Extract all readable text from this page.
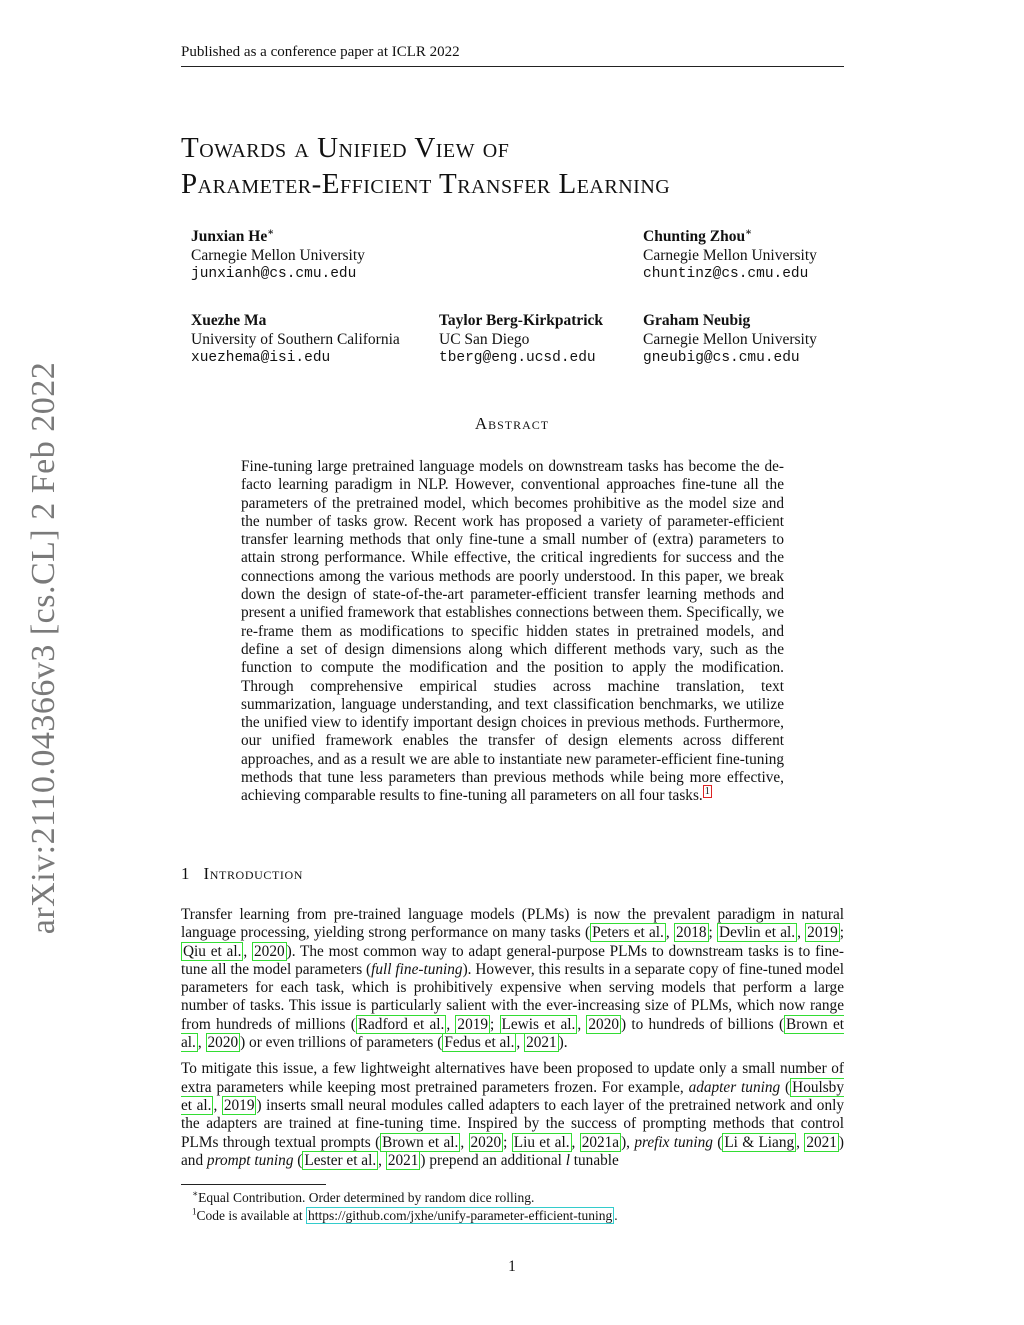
Published as a conference paper at ICLR 2022
arXiv:2110.04366v3 [cs.CL] 2 Feb 2022
Towards a Unified View of
Parameter-Efficient Transfer Learning
Junxian He∗
Carnegie Mellon University
junxianh@cs.cmu.edu
Chunting Zhou∗
Carnegie Mellon University
chuntinz@cs.cmu.edu
Xuezhe Ma
University of Southern California
xuezhema@isi.edu
Taylor Berg-Kirkpatrick
UC San Diego
tberg@eng.ucsd.edu
Graham Neubig
Carnegie Mellon University
gneubig@cs.cmu.edu
Abstract

Fine-tuning large pretrained language models on downstream tasks has become the de-facto learning paradigm in NLP. However, conventional approaches fine-tune all the parameters of the pretrained model, which becomes prohibitive as the model size and the number of tasks grow. Recent work has proposed a variety of parameter-efficient transfer learning methods that only fine-tune a small number of (extra) parameters to attain strong performance. While effective, the critical ingredients for success and the connections among the various methods are poorly understood. In this paper, we break down the design of state-of-the-art parameter-efficient transfer learning methods and present a unified framework that establishes connections between them. Specifically, we re-frame them as modifications to specific hidden states in pretrained models, and define a set of design dimensions along which different methods vary, such as the function to compute the modification and the position to apply the modification. Through comprehensive empirical studies across machine translation, text summarization, language understanding, and text classification benchmarks, we utilize the unified view to identify important design choices in previous methods. Furthermore, our unified framework enables the transfer of design elements across different approaches, and as a result we are able to instantiate new parameter-efficient fine-tuning methods that tune less parameters than previous methods while being more effective, achieving comparable results to fine-tuning all parameters on all four tasks. $^1$

1 Introduction

Transfer learning from pre-trained language models (PLMs) is now the prevalent paradigm in natural language processing, yielding strong performance on many tasks ( Peters et al. , 2018 ; Devlin et al. , 2019 ; Qiu et al. , 2020 ). The most common way to adapt general-purpose PLMs to downstream tasks is to fine-tune all the model parameters (full fine-tuning). However, this results in a separate copy of fine-tuned model parameters for each task, which is prohibitively expensive when serving models that perform a large number of tasks. This issue is particularly salient with the ever-increasing size of PLMs, which now range from hundreds of millions ( Radford et al. , 2019 ; Lewis et al. , 2020 ) to hundreds of billions ( Brown et al. , 2020 ) or even trillions of parameters ( Fedus et al. , 2021 ).

To mitigate this issue, a few lightweight alternatives have been proposed to update only a small number of extra parameters while keeping most pretrained parameters frozen. For example, adapter tuning ( Houlsby et al. , 2019 ) inserts small neural modules called adapters to each layer of the pretrained network and only the adapters are trained at fine-tuning time. Inspired by the success of prompting methods that control PLMs through textual prompts ( Brown et al. , 2020 ; Liu et al. , 2021a ), prefix tuning ( Li & Liang , 2021 ) and prompt tuning ( Lester et al. , 2021 ) prepend an additional l tunable

∗Equal Contribution. Order determined by random dice rolling.
$^1$Code is available at https://github.com/jxhe/unify-parameter-efficient-tuning .
1
